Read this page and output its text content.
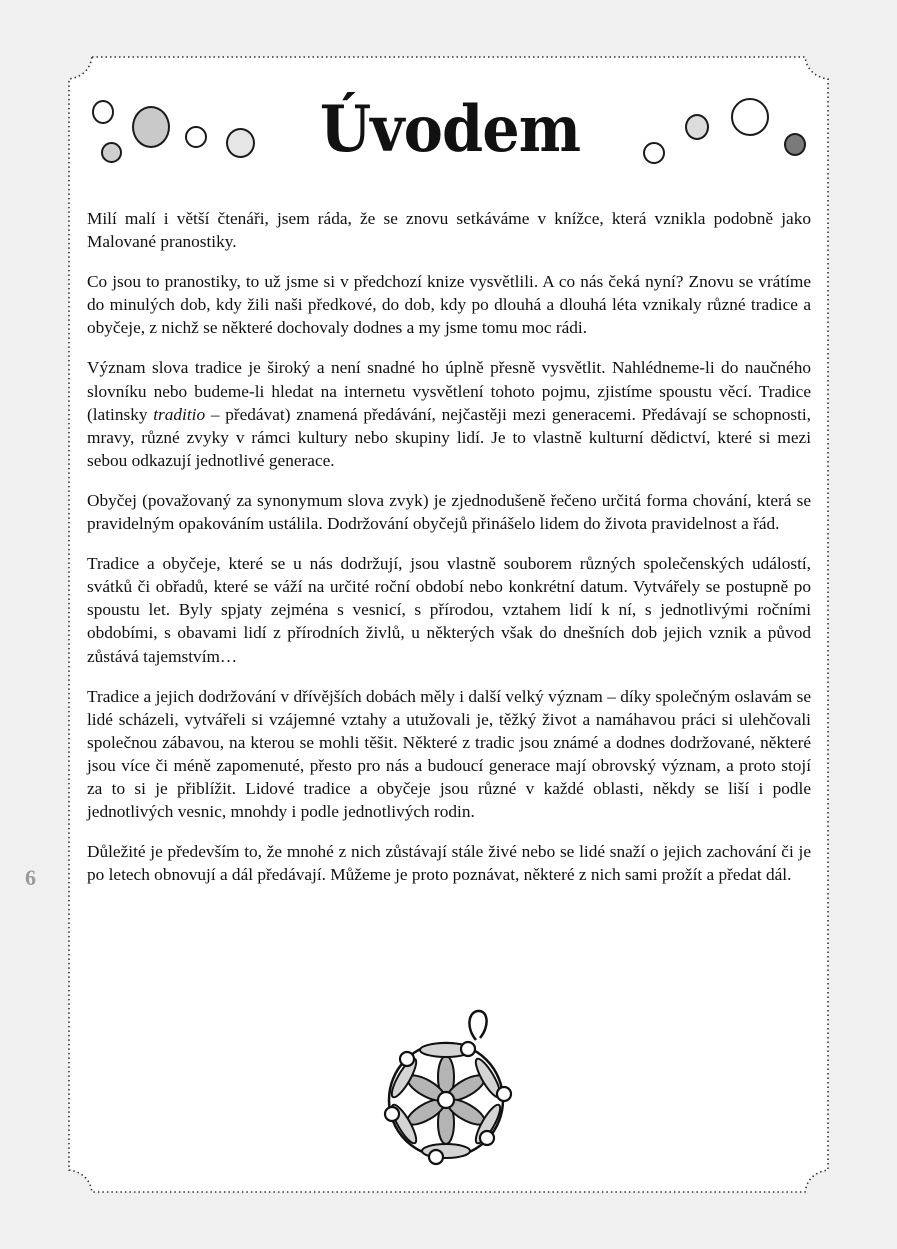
Úvodem

Milí malí i větší čtenáři, jsem ráda, že se znovu setkáváme v knížce, která vznikla podobně jako Malované pranostiky.

Co jsou to pranostiky, to už jsme si v předchozí knize vysvětlili. A co nás čeká nyní? Znovu se vrátíme do minulých dob, kdy žili naši předkové, do dob, kdy po dlouhá a dlouhá léta vznikaly různé tradice a obyčeje, z nichž se některé dochovaly dodnes a my jsme tomu moc rádi.

Význam slova tradice je široký a není snadné ho úplně přesně vysvětlit. Nahlédneme-li do naučného slovníku nebo budeme-li hledat na internetu vysvětlení tohoto pojmu, zjistíme spoustu věcí. Tradice (latinsky traditio – předávat) znamená předávání, nejčastěji mezi generacemi. Předávají se schopnosti, mravy, různé zvyky v rámci kultury nebo skupiny lidí. Je to vlastně kulturní dědictví, které si mezi sebou odkazují jednotlivé generace.

Obyčej (považovaný za synonymum slova zvyk) je zjednodušeně řečeno určitá forma chování, která se pravidelným opakováním ustálila. Dodržování obyčejů přinášelo lidem do života pravidelnost a řád.

Tradice a obyčeje, které se u nás dodržují, jsou vlastně souborem různých společenských událostí, svátků či obřadů, které se váží na určité roční období nebo konkrétní datum. Vytvářely se postupně po spoustu let. Byly spjaty zejména s vesnicí, s přírodou, vztahem lidí k ní, s jednotlivými ročními obdobími, s obavami lidí z přírodních živlů, u některých však do dnešních dob jejich vznik a původ zůstává tajemstvím…

Tradice a jejich dodržování v dřívějších dobách měly i další velký význam – díky společným oslavám se lidé scházeli, vytvářeli si vzájemné vztahy a utužovali je, těžký život a namáhavou práci si ulehčovali společnou zábavou, na kterou se mohli těšit. Některé z tradic jsou známé a dodnes dodržované, některé jsou více či méně zapomenuté, přesto pro nás a budoucí generace mají obrovský význam, a proto stojí za to si je přiblížit. Lidové tradice a obyčeje jsou různé v každé oblasti, někdy se liší i podle jednotlivých vesnic, mnohdy i podle jednotlivých rodin.

Důležité je především to, že mnohé z nich zůstávají stále živé nebo se lidé snaží o jejich zachování či je po letech obnovují a dál předávají. Můžeme je proto poznávat, některé z nich sami prožít a předat dál.

6
